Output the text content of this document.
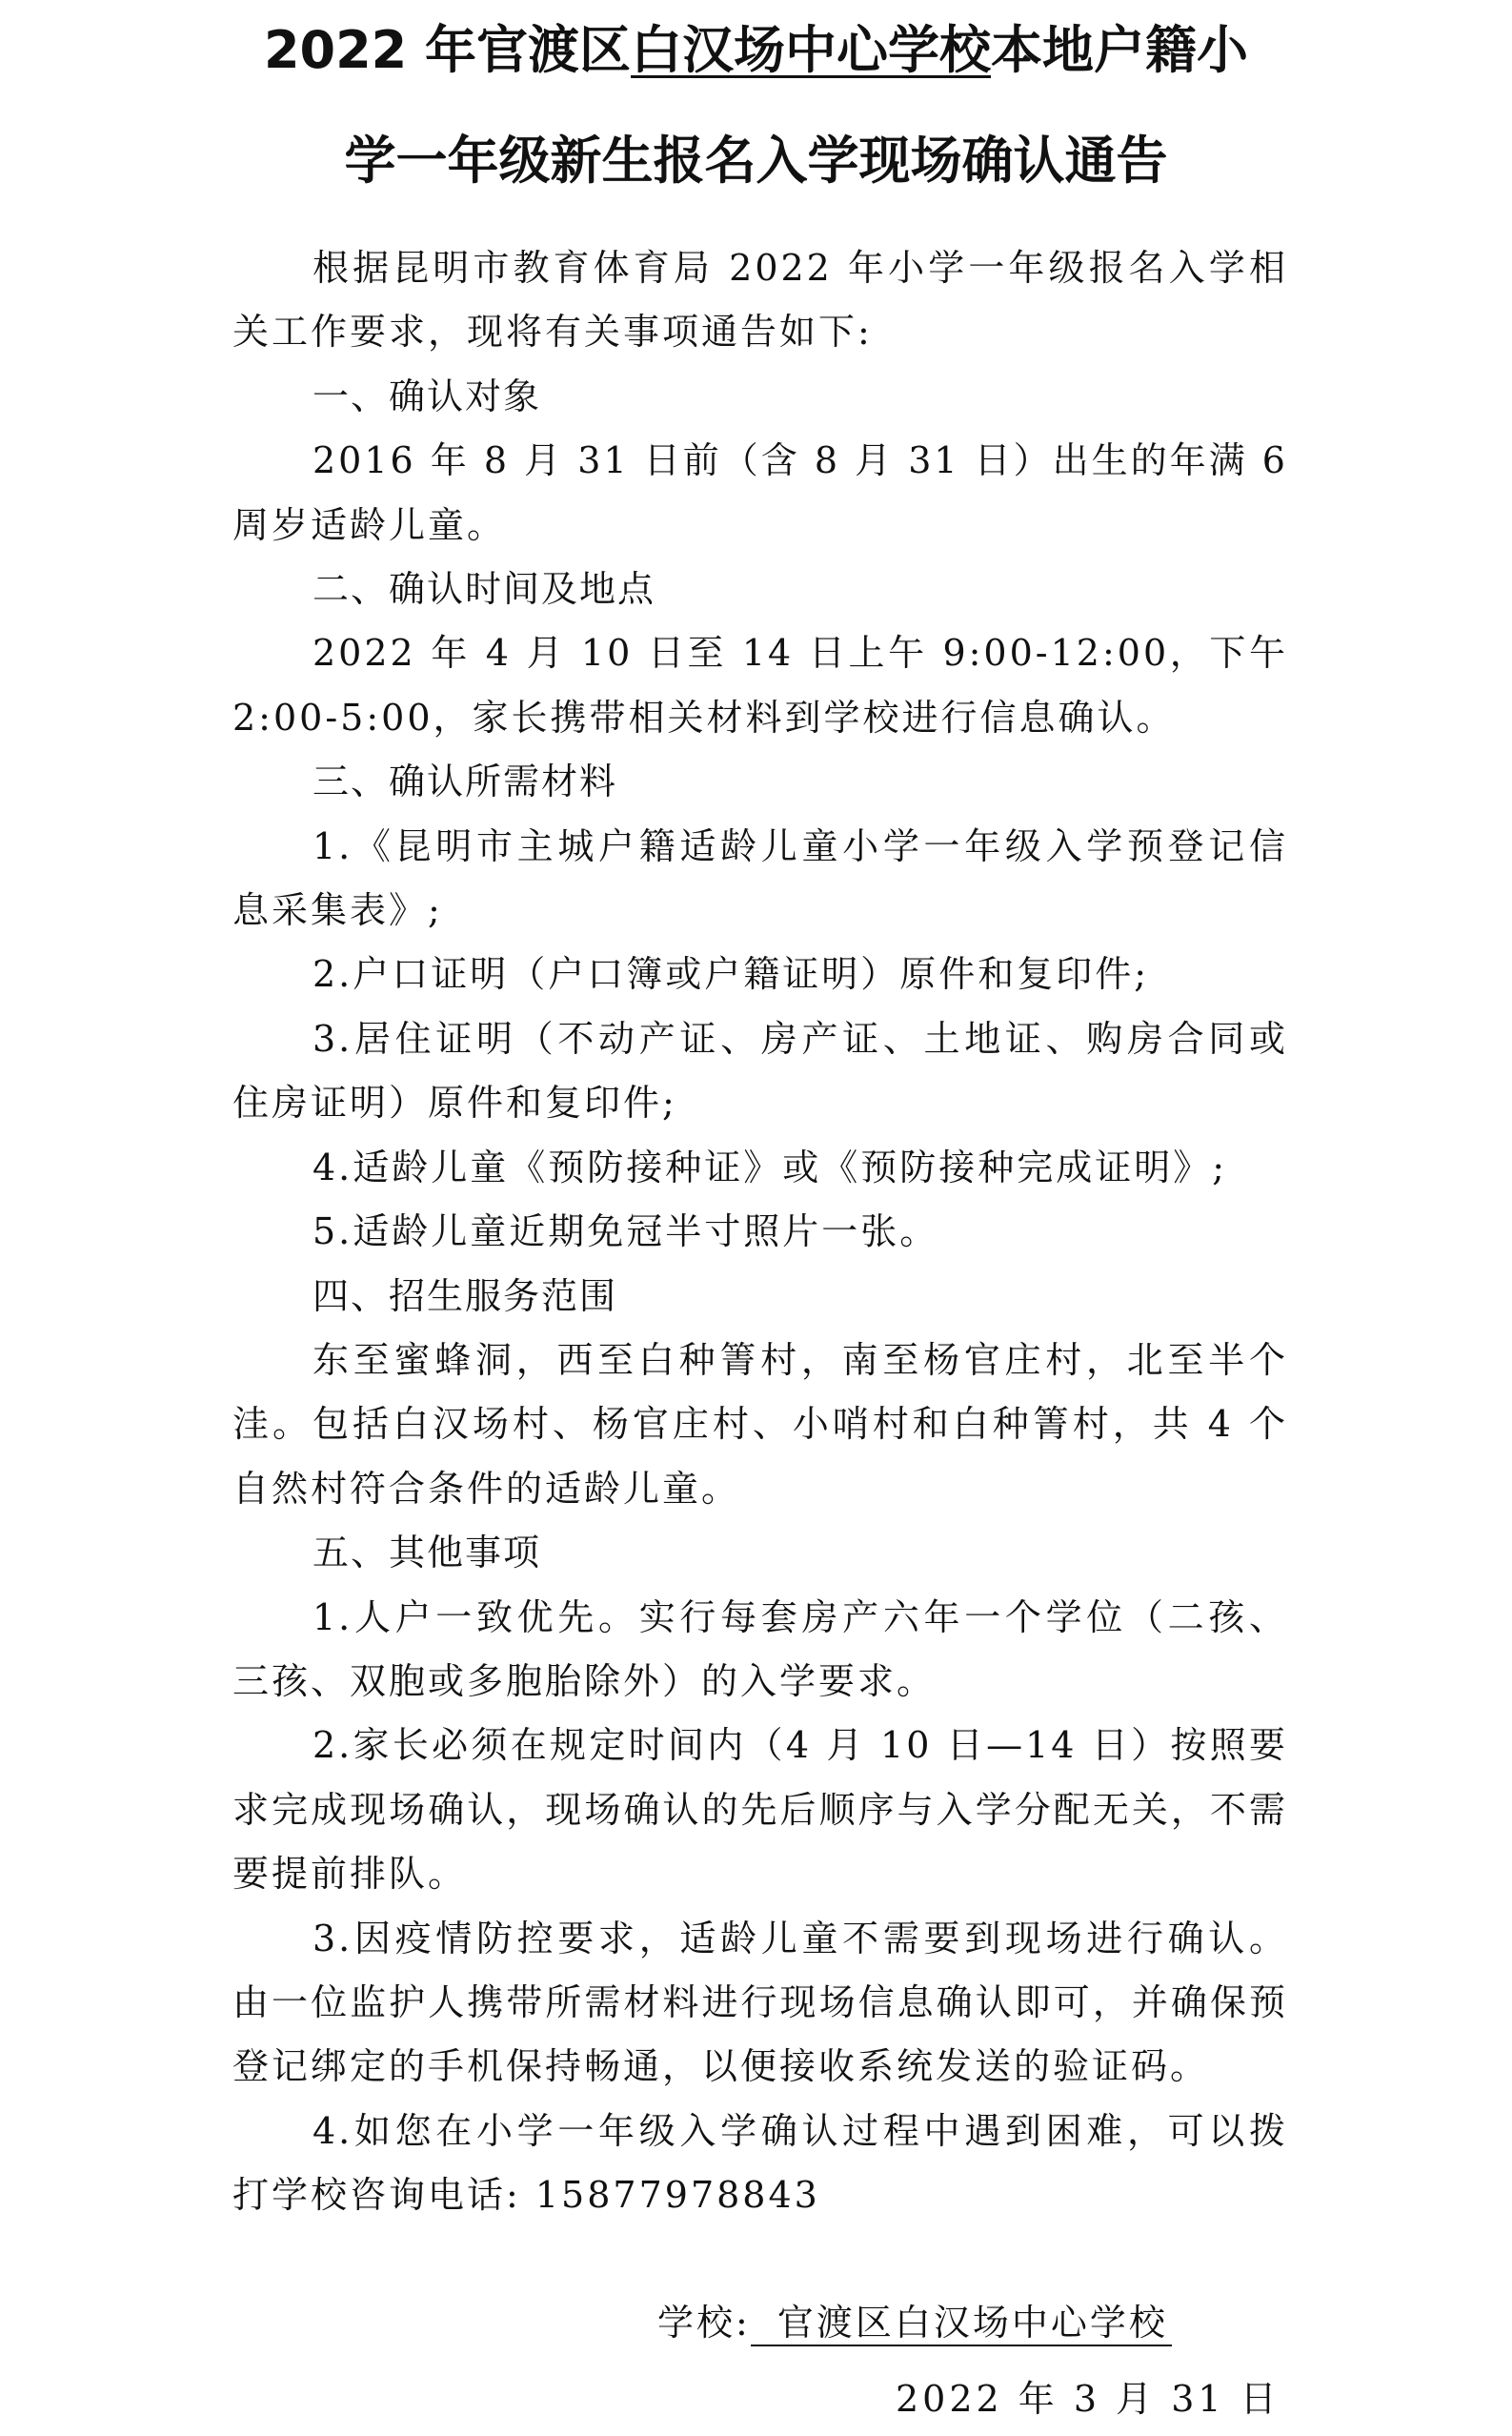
2022 年官渡区白汉场中心学校本地户籍小
学一年级新生报名入学现场确认通告

根据昆明市教育体育局 2022 年小学一年级报名入学相关工作要求，现将有关事项通告如下:

一、确认对象

2016 年 8 月 31 日前（含 8 月 31 日）出生的年满 6 周岁适龄儿童。

二、确认时间及地点

2022 年 4 月 10 日至 14 日上午 9:00-12:00，下午 2:00-5:00，家长携带相关材料到学校进行信息确认。

三、确认所需材料

1.《昆明市主城户籍适龄儿童小学一年级入学预登记信息采集表》;

2.户口证明（户口簿或户籍证明）原件和复印件;

3.居住证明（不动产证、房产证、土地证、购房合同或住房证明）原件和复印件;

4.适龄儿童《预防接种证》或《预防接种完成证明》;

5.适龄儿童近期免冠半寸照片一张。

四、招生服务范围

东至蜜蜂洞，西至白种箐村，南至杨官庄村，北至半个洼。包括白汉场村、杨官庄村、小哨村和白种箐村，共 4 个自然村符合条件的适龄儿童。

五、其他事项

1.人户一致优先。实行每套房产六年一个学位（二孩、三孩、双胞或多胞胎除外）的入学要求。

2.家长必须在规定时间内（4 月 10 日—14 日）按照要求完成现场确认，现场确认的先后顺序与入学分配无关，不需要提前排队。

3.因疫情防控要求，适龄儿童不需要到现场进行确认。由一位监护人携带所需材料进行现场信息确认即可，并确保预登记绑定的手机保持畅通，以便接收系统发送的验证码。

4.如您在小学一年级入学确认过程中遇到困难，可以拨打学校咨询电话: 15877978843

学校: 官渡区白汉场中心学校
2022 年 3 月 31 日
